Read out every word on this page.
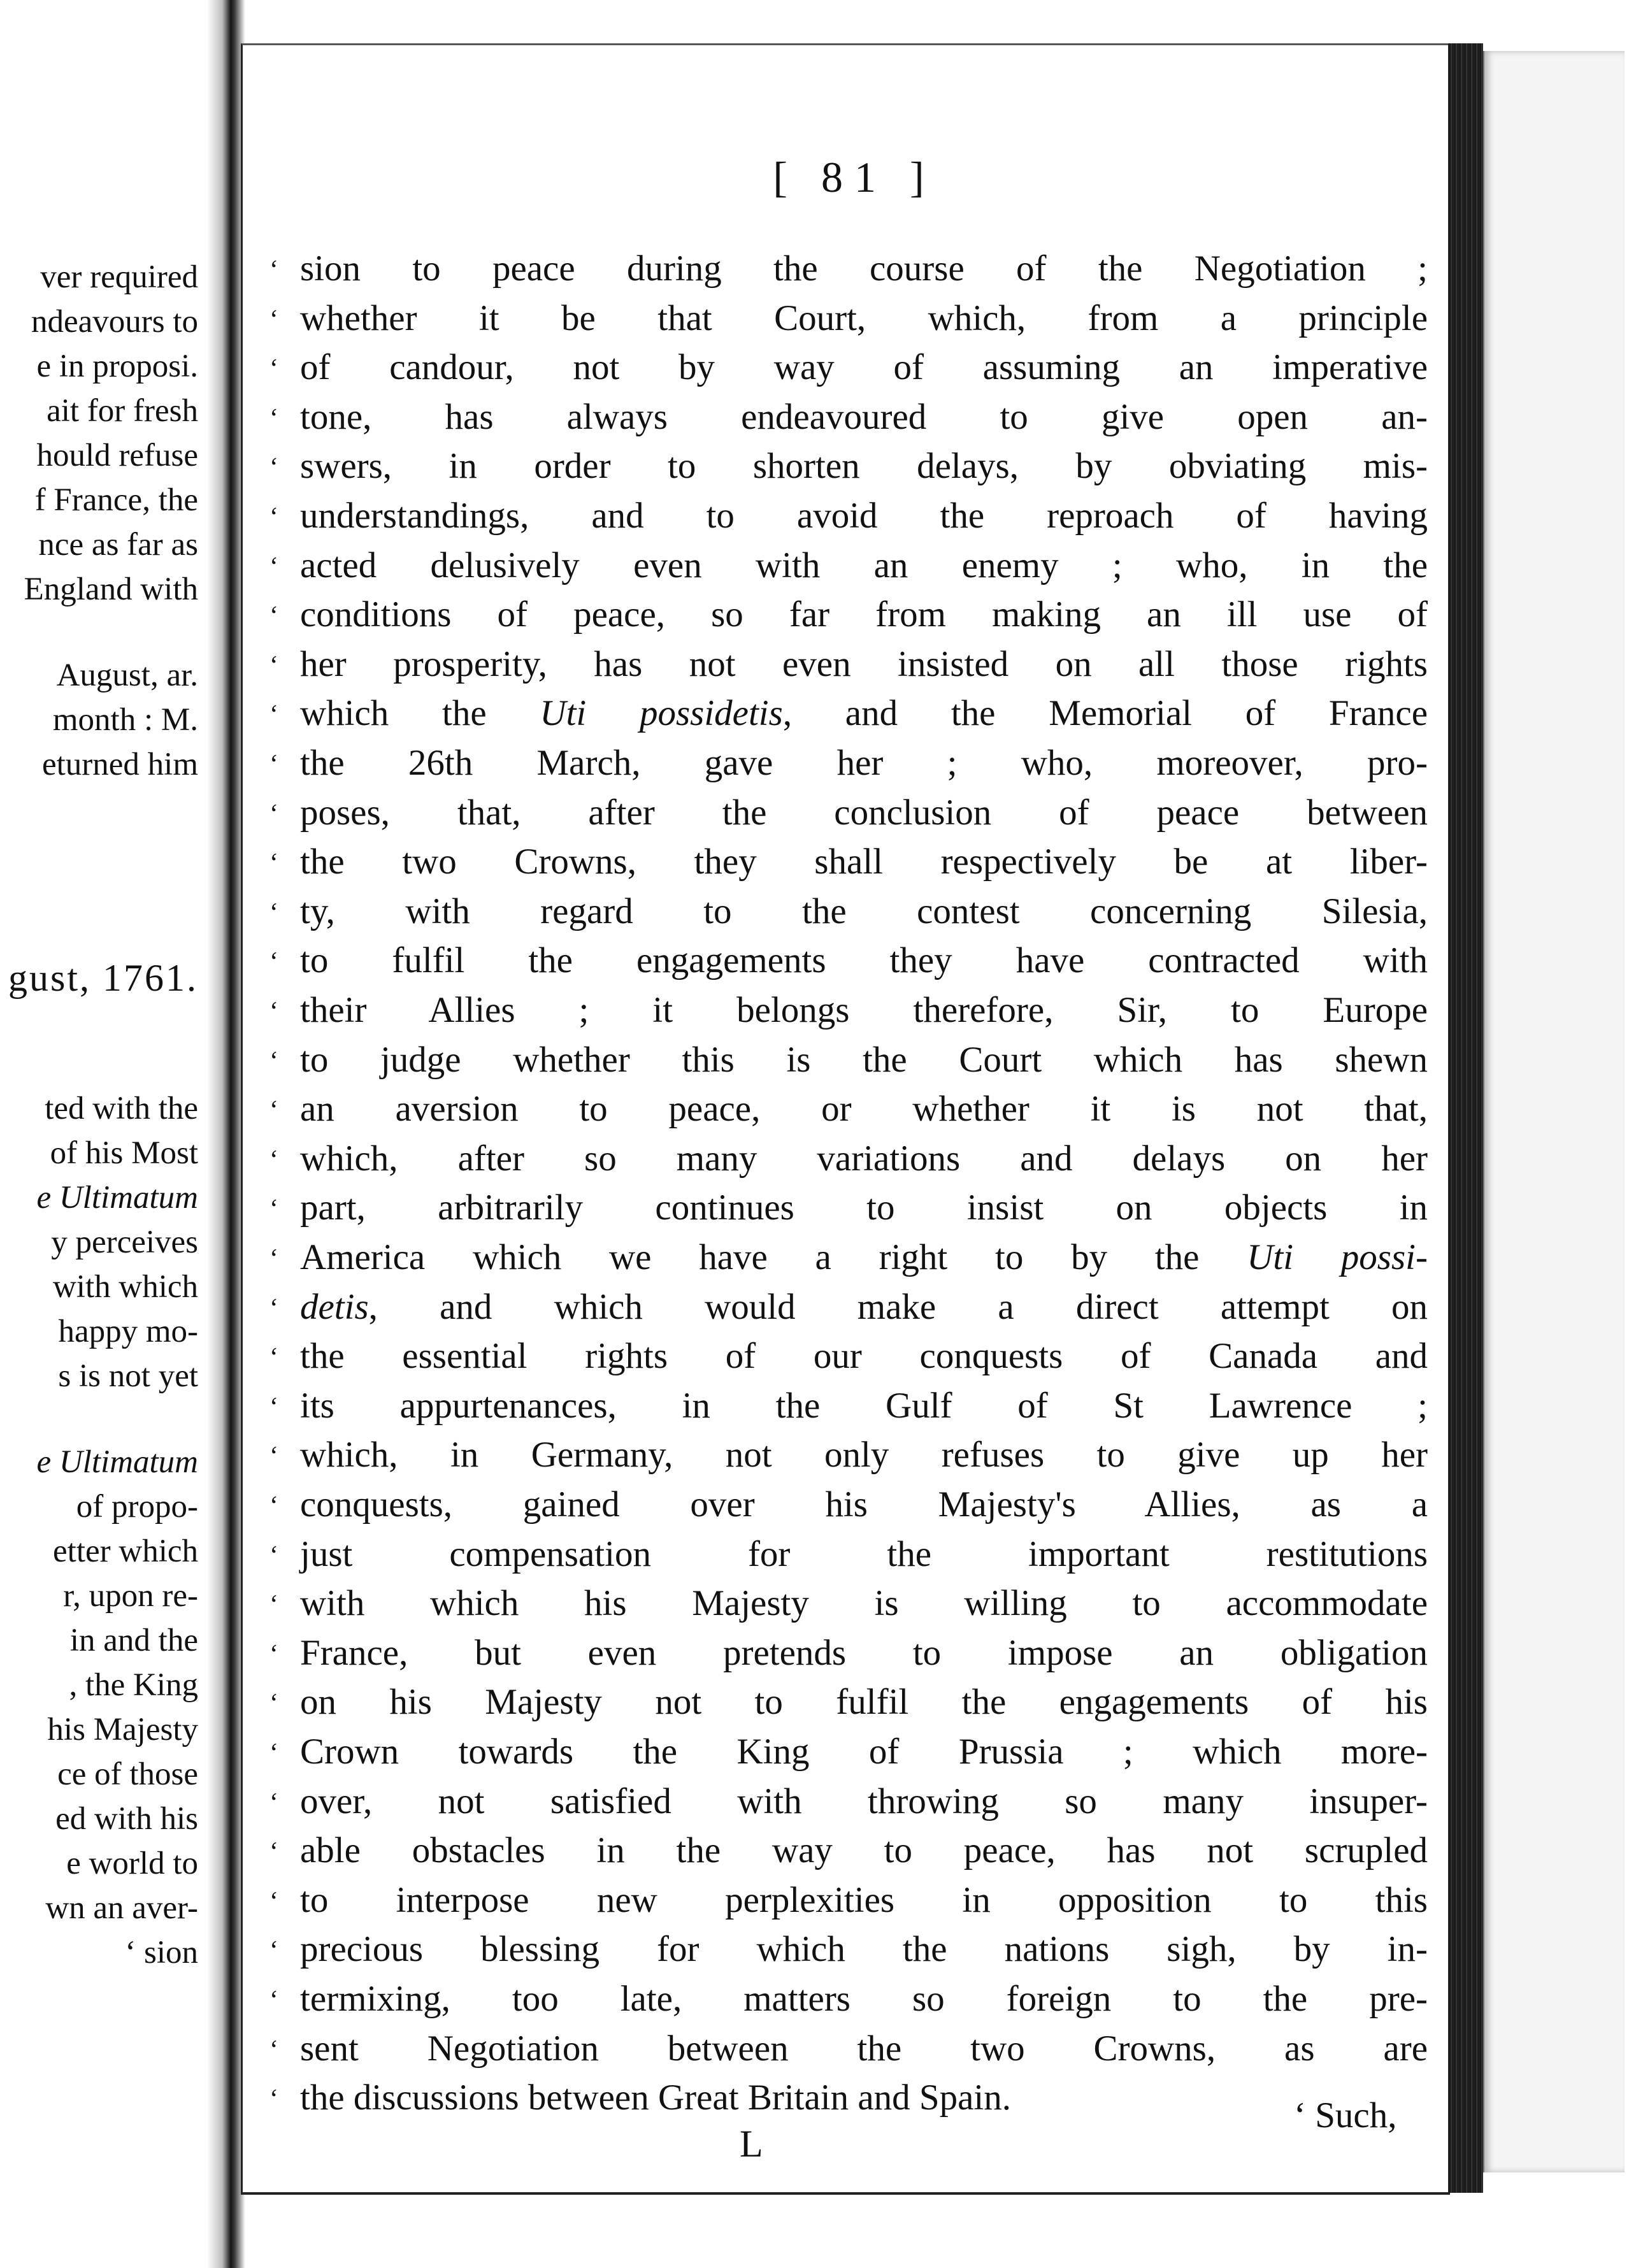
ver required
ndeavours to
e in proposi.
ait for fresh
hould refuse
f France, the
nce as far as
England with
August, ar.
month : M.
eturned him
gust, 1761.
ted with the
of his Most
e Ultimatum
y perceives
with which
happy mo-
s is not yet
e Ultimatum
of propo-
etter which
r, upon re-
in and the
, the King
his Majesty
ce of those
ed with his
e world to
wn an aver-
‘ sion
[ 81 ]
‘ sion to peace during the course of the Negotiation ;
‘ whether it be that Court, which, from a principle
‘ of candour, not by way of assuming an imperative
‘ tone, has always endeavoured to give open an-
‘ swers, in order to shorten delays, by obviating mis-
‘ understandings, and to avoid the reproach of having
‘ acted delusively even with an enemy ; who, in the
‘ conditions of peace, so far from making an ill use of
‘ her prosperity, has not even insisted on all those rights
‘ which the Uti possidetis, and the Memorial of France
‘ the 26th March, gave her ; who, moreover, pro-
‘ poses, that, after the conclusion of peace between
‘ the two Crowns, they shall respectively be at liber-
‘ ty, with regard to the contest concerning Silesia,
‘ to fulfil the engagements they have contracted with
‘ their Allies ; it belongs therefore, Sir, to Europe
‘ to judge whether this is the Court which has shewn
‘ an aversion to peace, or whether it is not that,
‘ which, after so many variations and delays on her
‘ part, arbitrarily continues to insist on objects in
‘ America which we have a right to by the Uti possi-
‘ detis, and which would make a direct attempt on
‘ the essential rights of our conquests of Canada and
‘ its appurtenances, in the Gulf of St Lawrence ;
‘ which, in Germany, not only refuses to give up her
‘ conquests, gained over his Majesty's Allies, as a
‘ just compensation for the important restitutions
‘ with which his Majesty is willing to accommodate
‘ France, but even pretends to impose an obligation
‘ on his Majesty not to fulfil the engagements of his
‘ Crown towards the King of Prussia ; which more-
‘ over, not satisfied with throwing so many insuper-
‘ able obstacles in the way to peace, has not scrupled
‘ to interpose new perplexities in opposition to this
‘ precious blessing for which the nations sigh, by in-
‘ termixing, too late, matters so foreign to the pre-
‘ sent Negotiation between the two Crowns, as are
‘ the discussions between Great Britain and Spain.
L
‘ Such,
